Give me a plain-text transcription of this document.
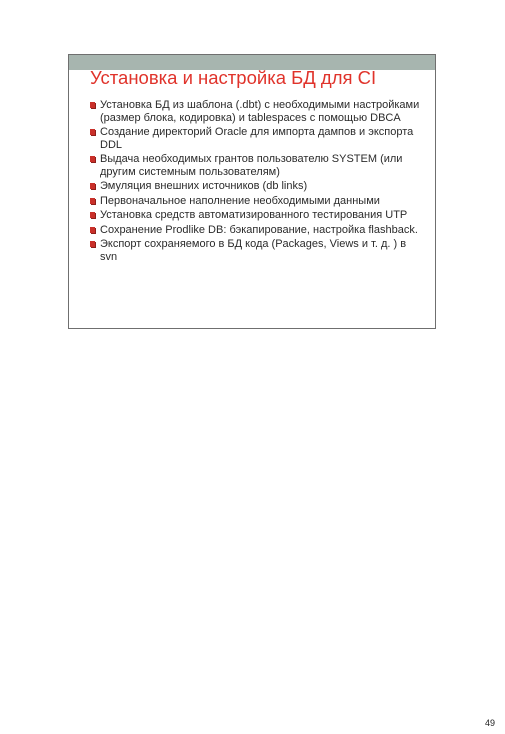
Установка и настройка БД для CI
Установка БД из шаблона (.dbt) с необходимыми настройками (размер блока, кодировка) и tablespaces с помощью DBCA
Создание директорий Oracle для импорта дампов и экспорта DDL
Выдача необходимых грантов пользователю SYSTEM (или другим системным пользователям)
Эмуляция внешних источников (db links)
Первоначальное наполнение необходимыми данными
Установка средств автоматизированного тестирования UTP
Сохранение Prodlike DB: бэкапирование, настройка flashback.
Экспорт сохраняемого в БД кода (Packages, Views и т. д. ) в svn
49
